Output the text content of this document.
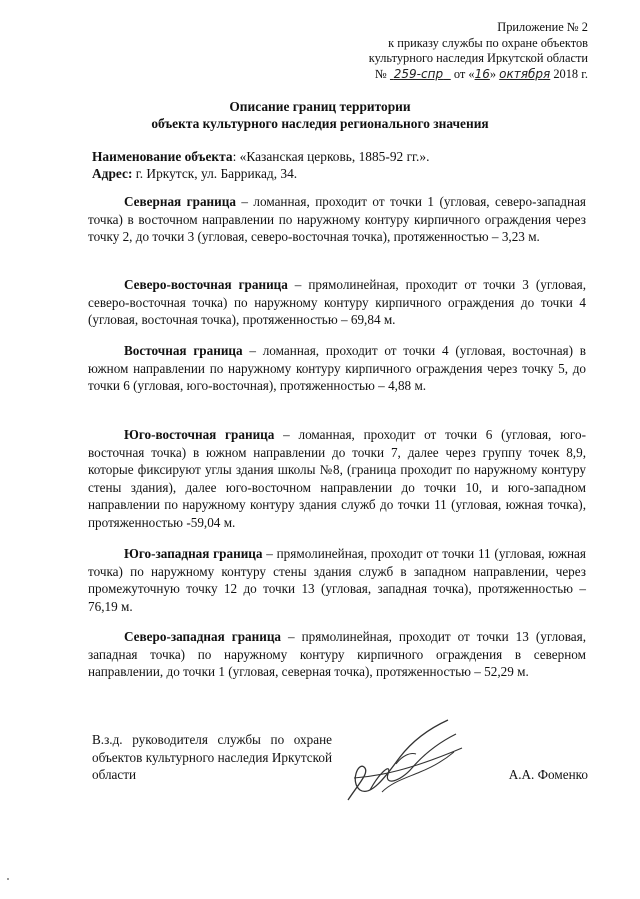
Приложение № 2
к приказу службы по охране объектов
культурного наследия Иркутской области
№ 259-спр от «16» октября 2018 г.
Описание границ территории
объекта культурного наследия регионального значения
Наименование объекта: «Казанская церковь, 1885-92 гг.».
Адрес: г. Иркутск, ул. Баррикад, 34.

Северная граница – ломанная, проходит от точки 1 (угловая, северо-западная точка) в восточном направлении по наружному контуру кирпичного ограждения через точку 2, до точки 3 (угловая, северо-восточная точка), протяженностью – 3,23 м.

Северо-восточная граница – прямолинейная, проходит от точки 3 (угловая, северо-восточная точка) по наружному контуру кирпичного ограждения до точки 4 (угловая, восточная точка), протяженностью – 69,84 м.

Восточная граница – ломанная, проходит от точки 4 (угловая, восточная) в южном направлении по наружному контуру кирпичного ограждения через точку 5, до точки 6 (угловая, юго-восточная), протяженностью – 4,88 м.

Юго-восточная граница – ломанная, проходит от точки 6 (угловая, юго-восточная точка) в южном направлении до точки 7, далее через группу точек 8,9, которые фиксируют углы здания школы №8, (граница проходит по наружному контуру стены здания), далее юго-восточном направлении до точки 10, и юго-западном направлении по наружному контуру здания служб до точки 11 (угловая, южная точка), протяженностью -59,04 м.

Юго-западная граница – прямолинейная, проходит от точки 11 (угловая, южная точка) по наружному контуру стены здания служб в западном направлении, через промежуточную точку 12 до точки 13 (угловая, западная точка), протяженностью – 76,19 м.

Северо-западная граница – прямолинейная, проходит от точки 13 (угловая, западная точка) по наружному контуру кирпичного ограждения в северном направлении, до точки 1 (угловая, северная точка), протяженностью – 52,29 м.

В.з.д. руководителя службы по охране объектов культурного наследия Иркутской области	А.А. Фоменко
